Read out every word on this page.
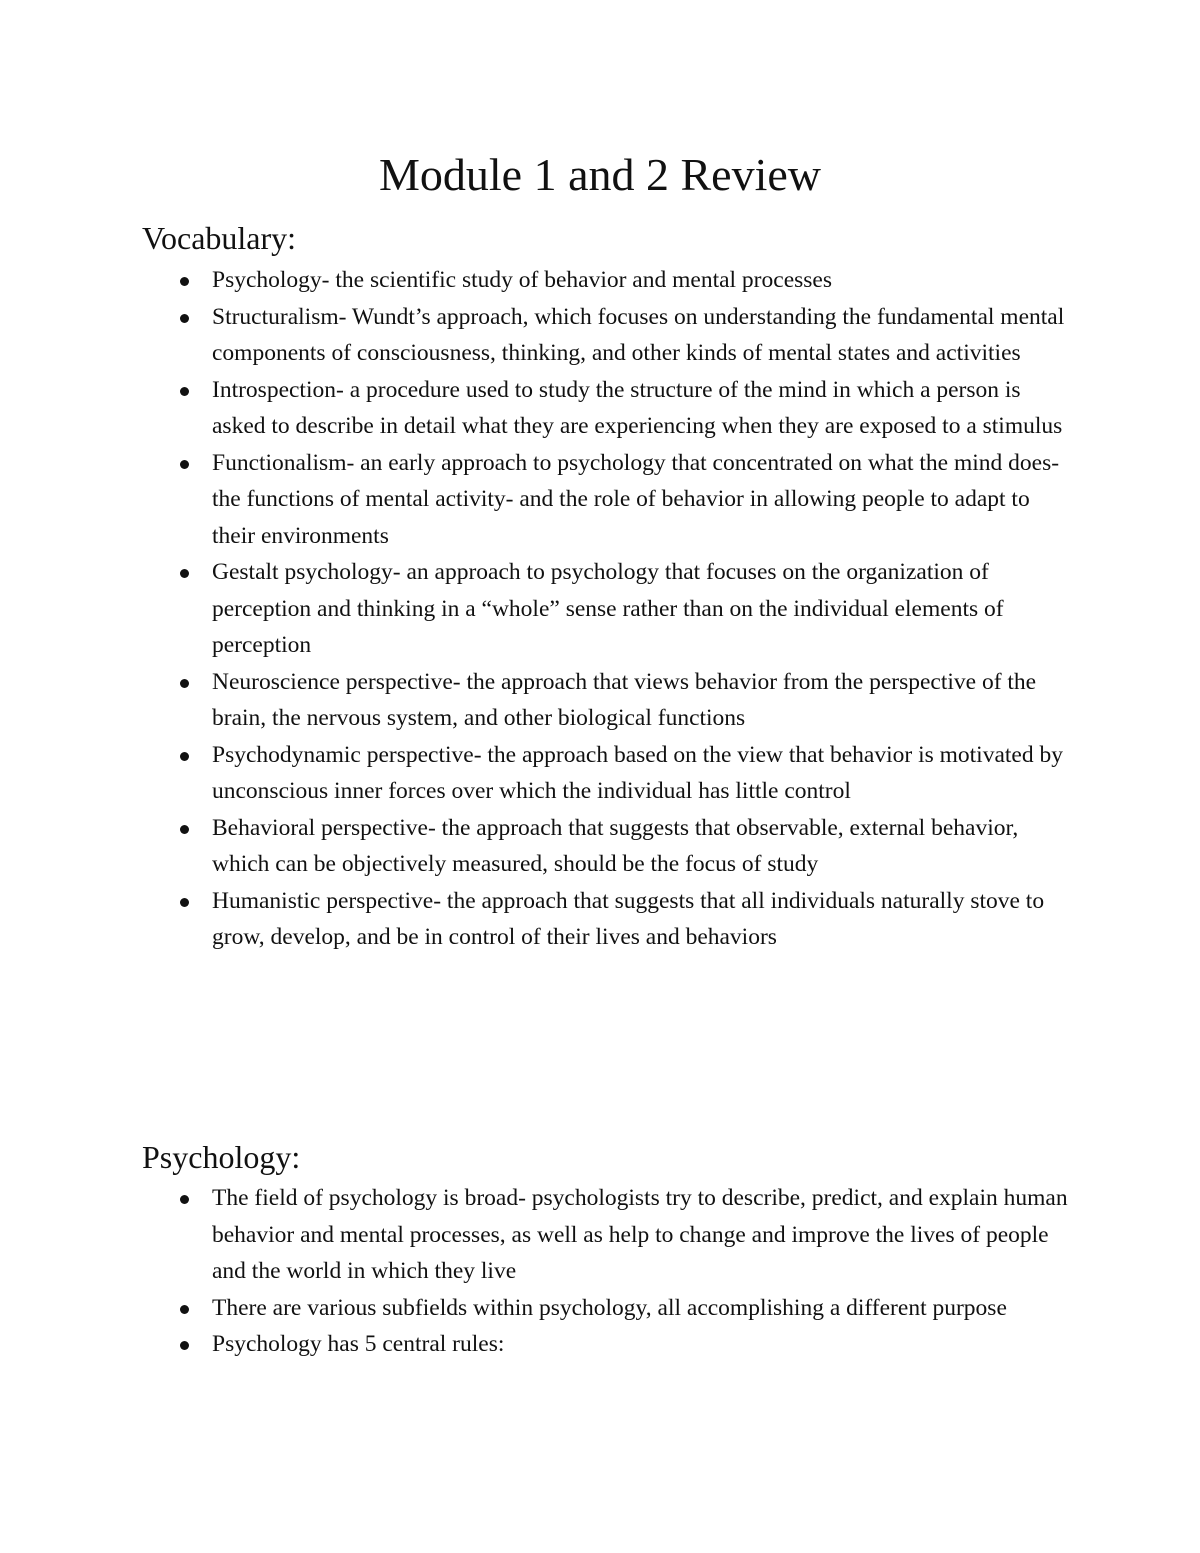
Module 1 and 2 Review
Vocabulary:
Psychology- the scientific study of behavior and mental processes
Structuralism- Wundt’s approach, which focuses on understanding the fundamental mental components of consciousness, thinking, and other kinds of mental states and activities
Introspection- a procedure used to study the structure of the mind in which a person is asked to describe in detail what they are experiencing when they are exposed to a stimulus
Functionalism- an early approach to psychology that concentrated on what the mind does- the functions of mental activity- and the role of behavior in allowing people to adapt to their environments
Gestalt psychology- an approach to psychology that focuses on the organization of perception and thinking in a “whole” sense rather than on the individual elements of perception
Neuroscience perspective- the approach that views behavior from the perspective of the brain, the nervous system, and other biological functions
Psychodynamic perspective- the approach based on the view that behavior is motivated by unconscious inner forces over which the individual has little control
Behavioral perspective- the approach that suggests that observable, external behavior, which can be objectively measured, should be the focus of study
Humanistic perspective- the approach that suggests that all individuals naturally stove to grow, develop, and be in control of their lives and behaviors
Psychology:
The field of psychology is broad- psychologists try to describe, predict, and explain human behavior and mental processes, as well as help to change and improve the lives of people and the world in which they live
There are various subfields within psychology, all accomplishing a different purpose
Psychology has 5 central rules:
